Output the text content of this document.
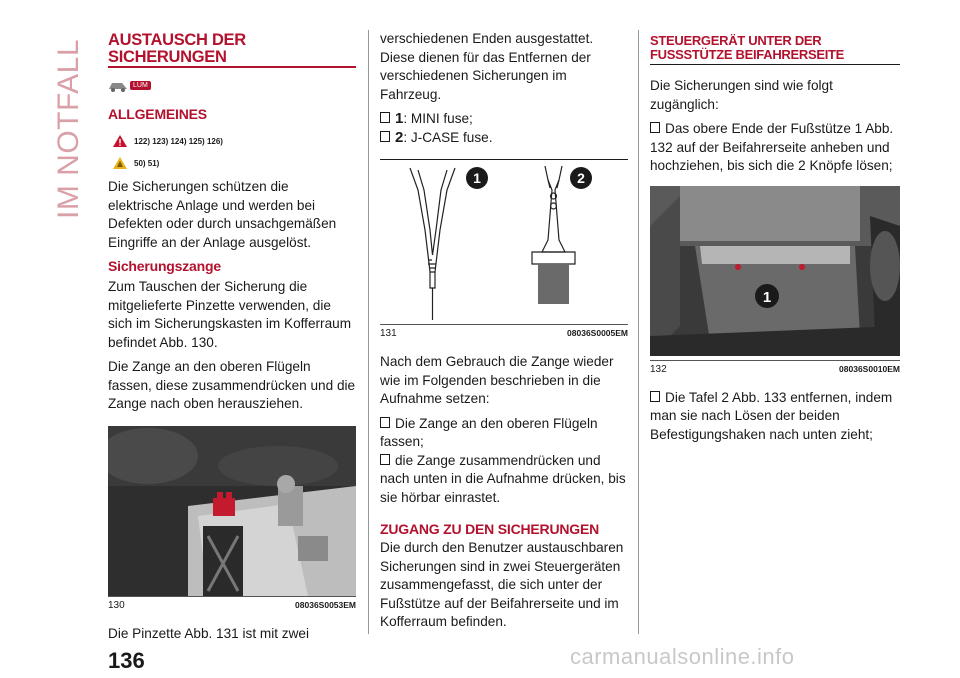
IM NOTFALL AUSTAUSCH DER
SICHERUNGEN
LUM
ALLGEMEINES
122) 123) 124) 125) 126)
50) 51)

Die Sicherungen schützen die elektrische Anlage und werden bei Defekten oder durch unsachgemäßen Eingriffe an der Anlage ausgelöst.

Sicherungszange

Zum Tauschen der Sicherung die mitgelieferte Pinzette verwenden, die sich im Sicherungskasten im Kofferraum befindet Abb. 130.

Die Zange an den oberen Flügeln fassen, diese zusammendrücken und die Zange nach oben herausziehen.

130	08036S0053EM

Die Pinzette Abb. 131 ist mit zwei

verschiedenen Enden ausgestattet. Diese dienen für das Entfernen der verschiedenen Sicherungen im Fahrzeug.

1: MINI fuse;

2: J-CASE fuse.

1	2
131	08036S0005EM

Nach dem Gebrauch die Zange wieder wie im Folgenden beschrieben in die Aufnahme setzen:

Die Zange an den oberen Flügeln fassen;

die Zange zusammendrücken und nach unten in die Aufnahme drücken, bis sie hörbar einrastet.

ZUGANG ZU DEN SICHERUNGEN

Die durch den Benutzer austauschbaren Sicherungen sind in zwei Steuergeräten zusammengefasst, die sich unter der Fußstütze auf der Beifahrerseite und im Kofferraum befinden.

STEUERGERÄT UNTER DER
FUSSSTÜTZE BEIFAHRERSEITE

Die Sicherungen sind wie folgt zugänglich:

Das obere Ende der Fußstütze 1 Abb. 132 auf der Beifahrerseite anheben und hochziehen, bis sich die 2 Knöpfe lösen;

1
132	08036S0010EM

Die Tafel 2 Abb. 133 entfernen, indem man sie nach Lösen der beiden Befestigungshaken nach unten zieht;

136	carmanualsonline.info
